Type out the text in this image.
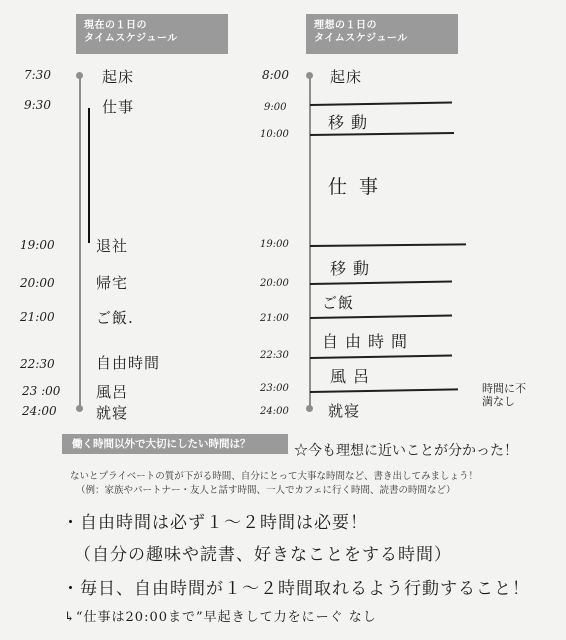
現在の１日の
タイムスケジュール
7:30
9:30
19:00
20:00
21:00
22:30
23 :00
24:00
起床
仕事
退社
帰宅
ご飯.
自由時間
風呂
就寝
理想の１日の
タイムスケジュール
8:00
9:00
10:00
19:00
20:00
21:00
22:30
23:00
24:00
起床
移動
仕事
移動
ご飯
自由時間
風呂
就寝
時間に不満なし
働く時間以外で大切にしたい時間は？	☆今も理想に近いことが分かった！
ないとプライベートの質が下がる時間、自分にとって大事な時間など、書き出してみましょう！
（例：家族やパートナー・友人と話す時間、一人でカフェに行く時間、読書の時間など）
・自由時間は必ず１〜２時間は必要！
（自分の趣味や読書、好きなことをする時間）
・毎日、自由時間が１〜２時間取れるよう行動すること！
↳“仕事は20:00まで”早起きして力をにーぐ なし
